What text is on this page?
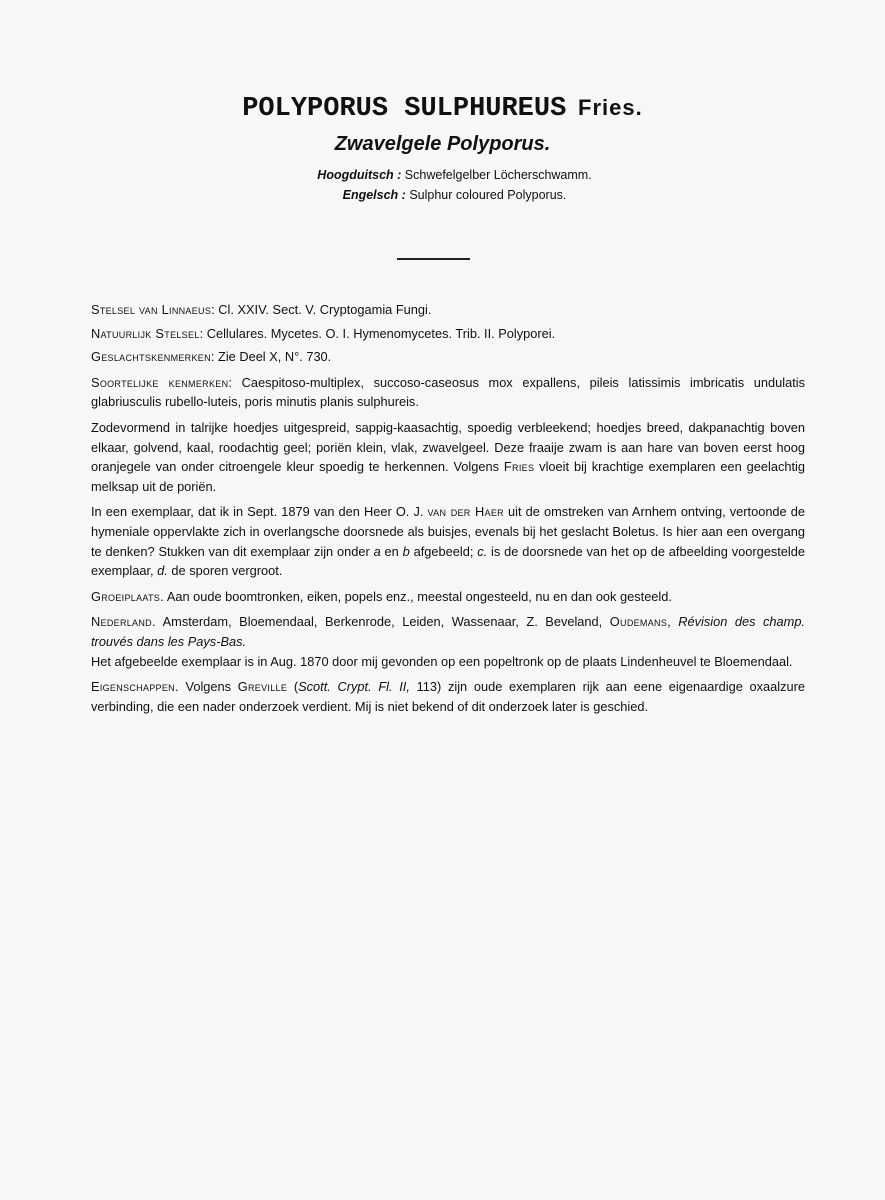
POLYPORUS SULPHUREUS Fries.
Zwavelgele Polyporus.
Hoogduitsch : Schwefelgelber Löcherschwamm.
Engelsch : Sulphur coloured Polyporus.

Stelsel van Linnaeus: Cl. XXIV. Sect. V. Cryptogamia Fungi.

Natuurlijk Stelsel: Cellulares. Mycetes. O. I. Hymenomycetes. Trib. II. Polyporei.

Geslachtskenmerken: Zie Deel X, N°. 730.

Soortelijke kenmerken: Caespitoso-multiplex, succoso-caseosus mox expallens, pileis latissimis imbricatis undulatis glabriusculis rubello-luteis, poris minutis planis sulphureis.

Zodevormend in talrijke hoedjes uitgespreid, sappig-kaasachtig, spoedig verbleekend; hoedjes breed, dakpanachtig boven elkaar, golvend, kaal, roodachtig geel; poriën klein, vlak, zwavelgeel. Deze fraaije zwam is aan hare van boven eerst hoog oranjegele van onder citroengele kleur spoedig te herkennen. Volgens Fries vloeit bij krachtige exemplaren een geelachtig melksap uit de poriën.

In een exemplaar, dat ik in Sept. 1879 van den Heer O. J. van der Haer uit de omstreken van Arnhem ontving, vertoonde de hymeniale oppervlakte zich in overlangsche doorsnede als buisjes, evenals bij het geslacht Boletus. Is hier aan een overgang te denken? Stukken van dit exemplaar zijn onder a en b afgebeeld; c. is de doorsnede van het op de afbeelding voorgestelde exemplaar, d. de sporen vergroot.

Groeiplaats. Aan oude boomtronken, eiken, popels enz., meestal ongesteeld, nu en dan ook gesteeld.

Nederland. Amsterdam, Bloemendaal, Berkenrode, Leiden, Wassenaar, Z. Beveland, Oudemans, Révision des champ. trouvés dans les Pays-Bas.

Het afgebeelde exemplaar is in Aug. 1870 door mij gevonden op een popeltronk op de plaats Lindenheuvel te Bloemendaal.

Eigenschappen. Volgens Greville (Scott. Crypt. Fl. II, 113) zijn oude exemplaren rijk aan eene eigenaardige oxaalzure verbinding, die een nader onderzoek verdient. Mij is niet bekend of dit onderzoek later is geschied.
